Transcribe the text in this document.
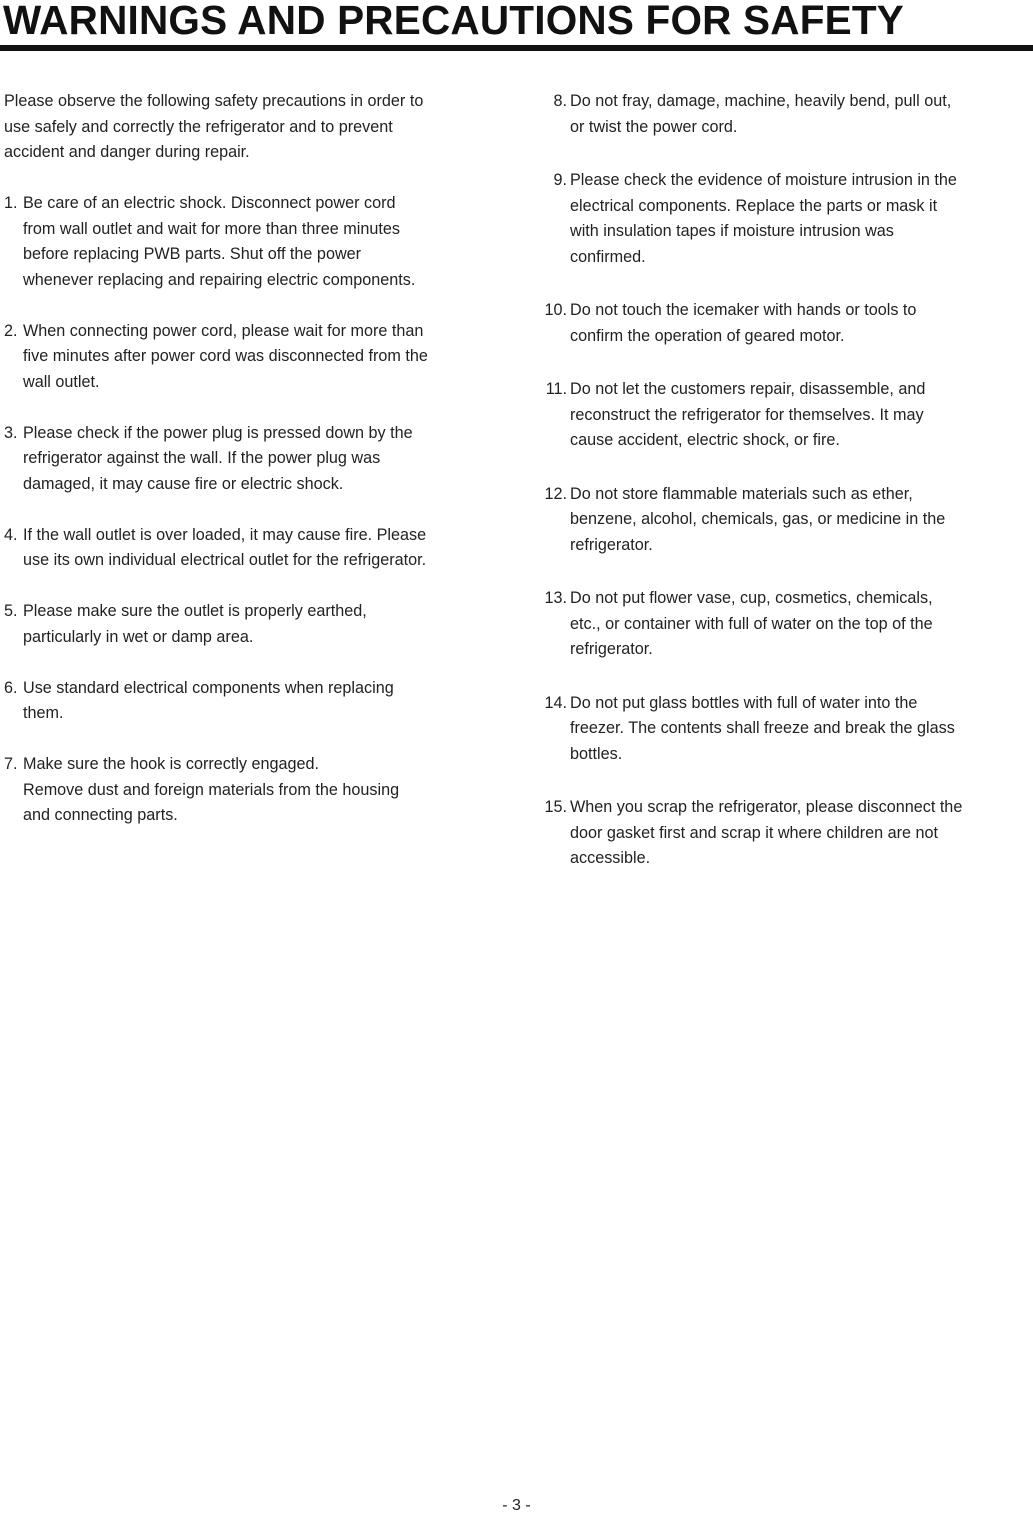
WARNINGS AND PRECAUTIONS FOR SAFETY

Please observe the following safety precautions in order to
use safely and correctly the refrigerator and to prevent
accident and danger during repair.

1. Be care of an electric shock. Disconnect power cord
from wall outlet and wait for more than three minutes
before replacing PWB parts. Shut off the power
whenever replacing and repairing electric components.

2. When connecting power cord, please wait for more than
five minutes after power cord was disconnected from the
wall outlet.

3. Please check if the power plug is pressed down by the
refrigerator against the wall. If the power plug was
damaged, it may cause fire or electric shock.

4. If the wall outlet is over loaded, it may cause fire. Please
use its own individual electrical outlet for the refrigerator.

5. Please make sure the outlet is properly earthed,
particularly in wet or damp area.

6. Use standard electrical components when replacing
them.

7. Make sure the hook is correctly engaged.
Remove dust and foreign materials from the housing
and connecting parts.

8. Do not fray, damage, machine, heavily bend, pull out,
or twist the power cord.

9. Please check the evidence of moisture intrusion in the
electrical components. Replace the parts or mask it
with insulation tapes if moisture intrusion was
confirmed.

10. Do not touch the icemaker with hands or tools to
confirm the operation of geared motor.

11. Do not let the customers repair, disassemble, and
reconstruct the refrigerator for themselves. It may
cause accident, electric shock, or fire.

12. Do not store flammable materials such as ether,
benzene, alcohol, chemicals, gas, or medicine in the
refrigerator.

13. Do not put flower vase, cup, cosmetics, chemicals,
etc., or container with full of water on the top of the
refrigerator.

14. Do not put glass bottles with full of water into the
freezer. The contents shall freeze and break the glass
bottles.

15. When you scrap the refrigerator, please disconnect the
door gasket first and scrap it where children are not
accessible.

- 3 -
